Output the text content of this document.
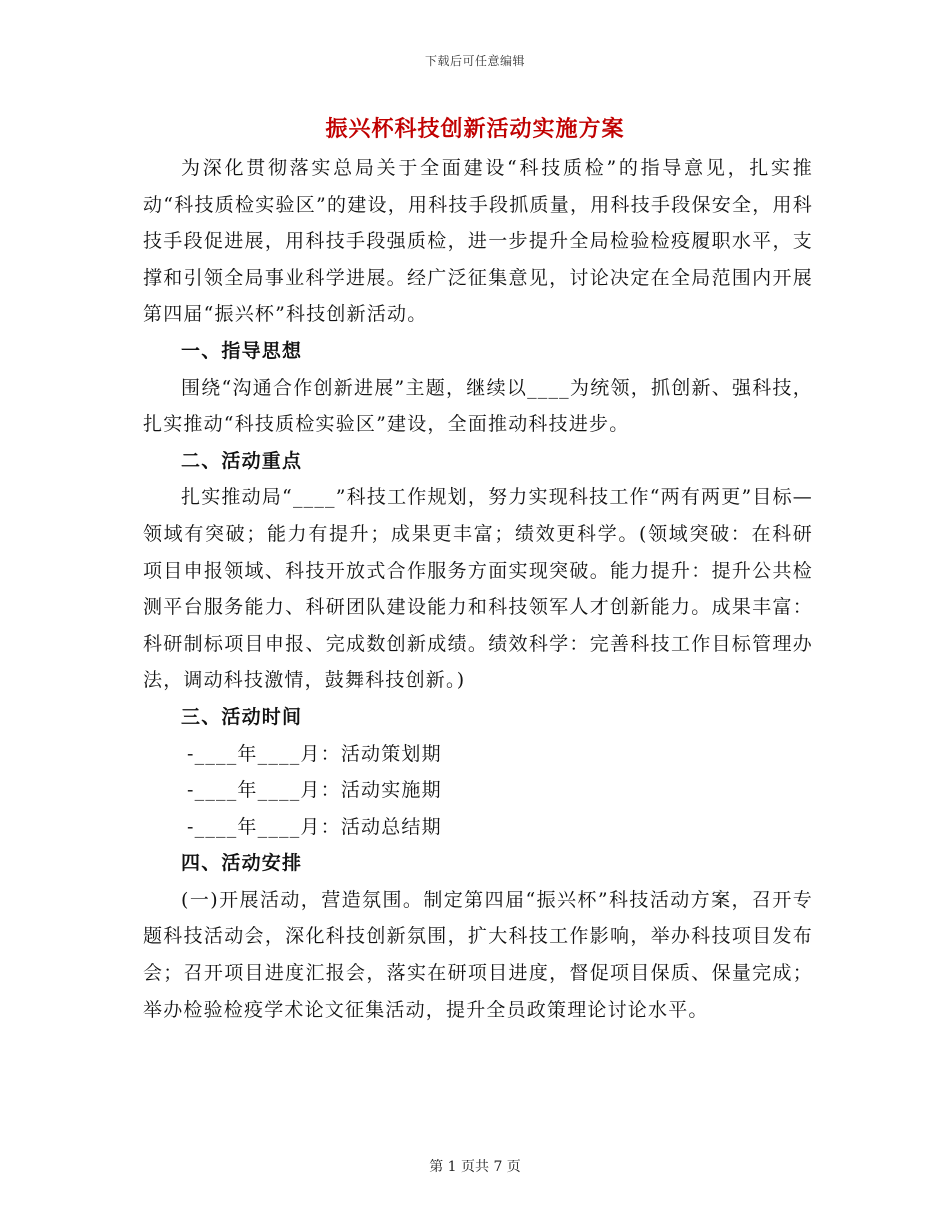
下载后可任意编辑
振兴杯科技创新活动实施方案

为深化贯彻落实总局关于全面建设“科技质检”的指导意见，扎实推动“科技质检实验区”的建设，用科技手段抓质量，用科技手段保安全，用科技手段促进展，用科技手段强质检，进一步提升全局检验检疫履职水平，支撑和引领全局事业科学进展。经广泛征集意见，讨论决定在全局范围内开展第四届“振兴杯”科技创新活动。

一、指导思想

围绕“沟通合作创新进展”主题，继续以____为统领，抓创新、强科技，扎实推动“科技质检实验区”建设，全面推动科技进步。

二、活动重点

扎实推动局“____”科技工作规划，努力实现科技工作“两有两更”目标—领域有突破；能力有提升；成果更丰富；绩效更科学。(领域突破：在科研项目申报领域、科技开放式合作服务方面实现突破。能力提升：提升公共检测平台服务能力、科研团队建设能力和科技领军人才创新能力。成果丰富：科研制标项目申报、完成数创新成绩。绩效科学：完善科技工作目标管理办法，调动科技激情，鼓舞科技创新。)

三、活动时间

-____年____月：活动策划期

-____年____月：活动实施期

-____年____月：活动总结期

四、活动安排

(一)开展活动，营造氛围。制定第四届“振兴杯”科技活动方案，召开专题科技活动会，深化科技创新氛围，扩大科技工作影响，举办科技项目发布会；召开项目进度汇报会，落实在研项目进度，督促项目保质、保量完成；举办检验检疫学术论文征集活动，提升全员政策理论讨论水平。

第 1 页共 7 页
